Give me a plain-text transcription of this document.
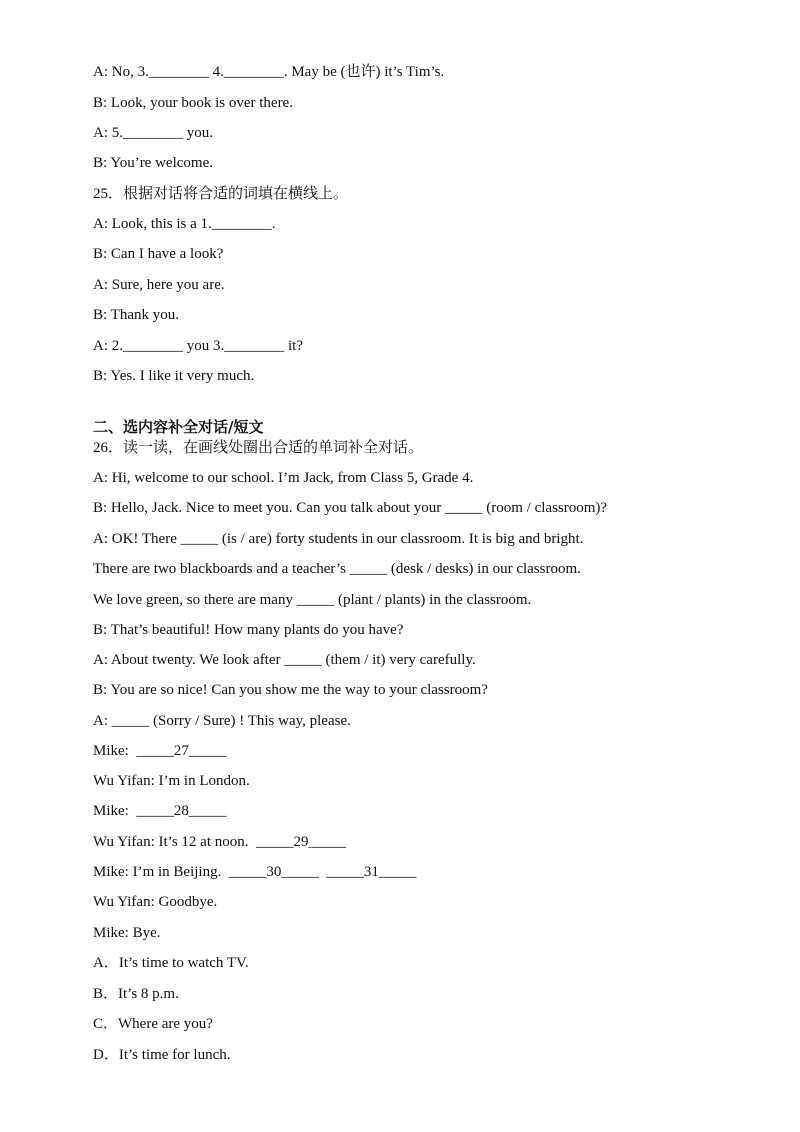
A: No, 3.________ 4.________. May be (也许) it’s Tim’s.
B: Look, your book is over there.
A: 5.________ you.
B: You’re welcome.
25．根据对话将合适的词填在横线上。
A: Look, this is a 1.________.
B: Can I have a look?
A: Sure, here you are.
B: Thank you.
A: 2.________ you 3.________ it?
B: Yes. I like it very much.
二、选内容补全对话/短文
26．读一读，在画线处圈出合适的单词补全对话。
A: Hi, welcome to our school. I’m Jack, from Class 5, Grade 4.
B: Hello, Jack. Nice to meet you. Can you talk about your _____ (room / classroom)?
A: OK! There _____ (is / are) forty students in our classroom. It is big and bright.
There are two blackboards and a teacher’s _____ (desk / desks) in our classroom.
We love green, so there are many _____ (plant / plants) in the classroom.
B: That’s beautiful! How many plants do you have?
A: About twenty. We look after _____ (them / it) very carefully.
B: You are so nice! Can you show me the way to your classroom?
A: _____ (Sorry / Sure) ! This way, please.
Mike:  _____27_____
Wu Yifan: I’m in London.
Mike:  _____28_____
Wu Yifan: It’s 12 at noon.  _____29_____
Mike: I’m in Beijing.  _____30_____  _____31_____
Wu Yifan: Goodbye.
Mike: Bye.
A．It’s time to watch TV.
B．It’s 8 p.m.
C．Where are you?
D．It’s time for lunch.
